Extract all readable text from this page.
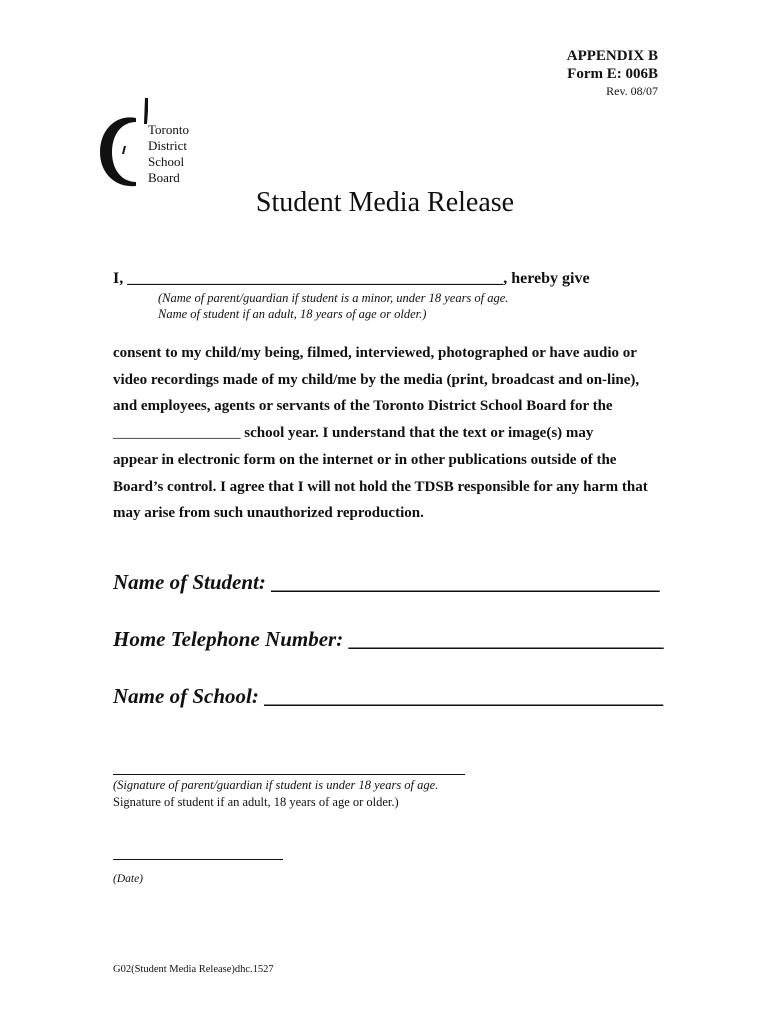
APPENDIX B
Form E: 006B
Rev. 08/07
Toronto
District
School
Board
Student Media Release
I, _______________________________________________, hereby give
(Name of parent/guardian if student is a minor, under 18 years of age.
Name of student if an adult, 18 years of age or older.)
consent to my child/my being, filmed, interviewed, photographed or have audio or
video recordings made of my child/me by the media (print, broadcast and on-line),
and employees, agents or servants of the Toronto District School Board for the
_________________ school year. I understand that the text or image(s) may
appear in electronic form on the internet or in other publications outside of the
Board’s control. I agree that I will not hold the TDSB responsible for any harm that
may arise from such unauthorized reproduction.
Name of Student: _____________________________________
Home Telephone Number: ______________________________
Name of School: ______________________________________
(Signature of parent/guardian if student is under 18 years of age.
Signature of student if an adult, 18 years of age or older.)
(Date)
G02(Student Media Release)dhc.1527
